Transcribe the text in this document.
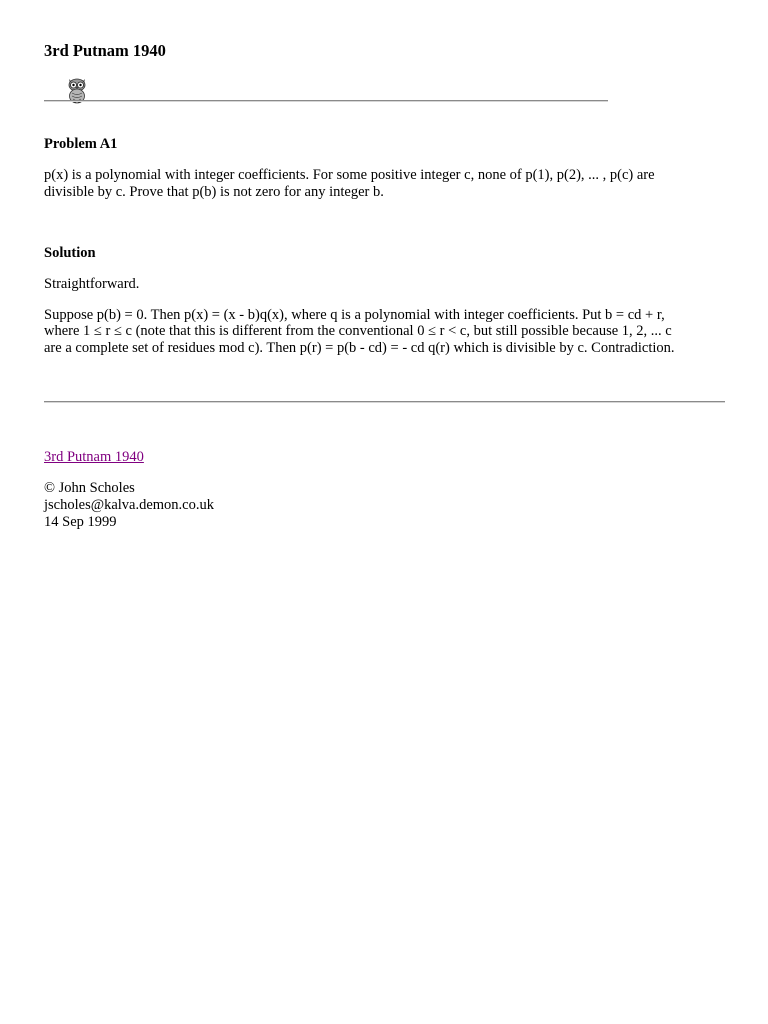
3rd Putnam 1940
Problem A1

p(x) is a polynomial with integer coefficients. For some positive integer c, none of p(1), p(2), ... , p(c) are

divisible by c. Prove that p(b) is not zero for any integer b.

Solution

Straightforward.

Suppose p(b) = 0. Then p(x) = (x - b)q(x), where q is a polynomial with integer coefficients. Put b = cd + r,

where 1 ≤ r ≤ c (note that this is different from the conventional 0 ≤ r < c, but still possible because 1, 2, ... c

are a complete set of residues mod c). Then p(r) = p(b - cd) = - cd q(r) which is divisible by c. Contradiction.

3rd Putnam 1940

© John Scholes

jscholes@kalva.demon.co.uk

14 Sep 1999
